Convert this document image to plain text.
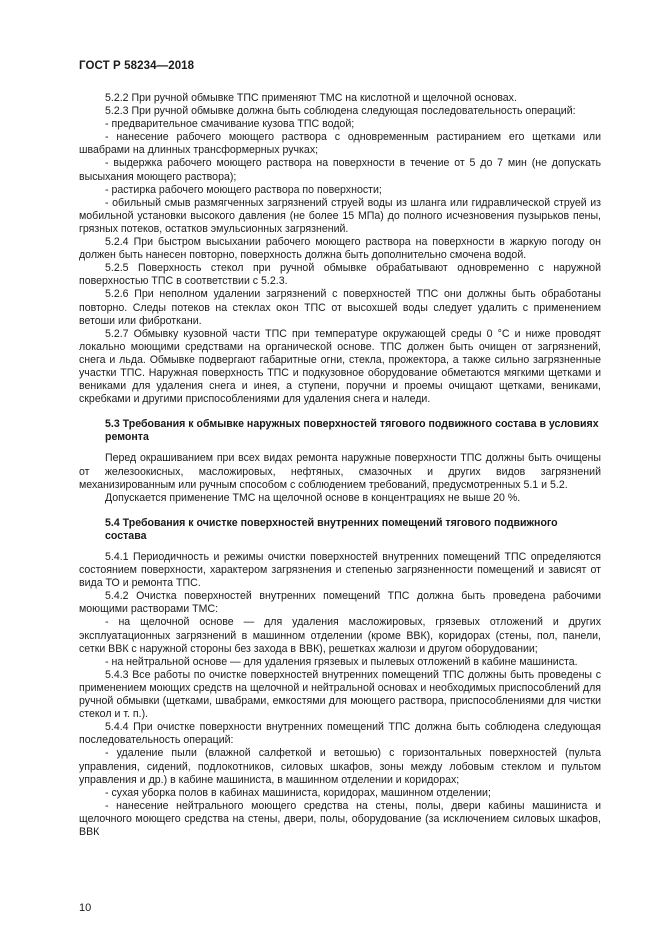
ГОСТ Р 58234—2018

5.2.2 При ручной обмывке ТПС применяют ТМС на кислотной и щелочной основах.

5.2.3 При ручной обмывке должна быть соблюдена следующая последовательность операций:

- предварительное смачивание кузова ТПС водой;

- нанесение рабочего моющего раствора с одновременным растиранием его щетками или швабрами на длинных трансформерных ручках;

- выдержка рабочего моющего раствора на поверхности в течение от 5 до 7 мин (не допускать высыхания моющего раствора);

- растирка рабочего моющего раствора по поверхности;

- обильный смыв размягченных загрязнений струей воды из шланга или гидравлической струей из мобильной установки высокого давления (не более 15 МПа) до полного исчезновения пузырьков пены, грязных потеков, остатков эмульсионных загрязнений.

5.2.4 При быстром высыхании рабочего моющего раствора на поверхности в жаркую погоду он должен быть нанесен повторно, поверхность должна быть дополнительно смочена водой.

5.2.5 Поверхность стекол при ручной обмывке обрабатывают одновременно с наружной поверхностью ТПС в соответствии с 5.2.3.

5.2.6 При неполном удалении загрязнений с поверхностей ТПС они должны быть обработаны повторно. Следы потеков на стеклах окон ТПС от высохшей воды следует удалить с применением ветоши или фиброткани.

5.2.7 Обмывку кузовной части ТПС при температуре окружающей среды 0 °С и ниже проводят локально моющими средствами на органической основе. ТПС должен быть очищен от загрязнений, снега и льда. Обмывке подвергают габаритные огни, стекла, прожектора, а также сильно загрязненные участки ТПС. Наружная поверхность ТПС и подкузовное оборудование обметаются мягкими щетками и вениками для удаления снега и инея, а ступени, поручни и проемы очищают щетками, вениками, скребками и другими приспособлениями для удаления снега и наледи.

5.3 Требования к обмывке наружных поверхностей тягового подвижного состава в условиях ремонта

Перед окрашиванием при всех видах ремонта наружные поверхности ТПС должны быть очищены от железоокисных, масложировых, нефтяных, смазочных и других видов загрязнений механизированным или ручным способом с соблюдением требований, предусмотренных 5.1 и 5.2.

Допускается применение ТМС на щелочной основе в концентрациях не выше 20 %.

5.4 Требования к очистке поверхностей внутренних помещений тягового подвижного состава

5.4.1 Периодичность и режимы очистки поверхностей внутренних помещений ТПС определяются состоянием поверхности, характером загрязнения и степенью загрязненности помещений и зависят от вида ТО и ремонта ТПС.

5.4.2 Очистка поверхностей внутренних помещений ТПС должна быть проведена рабочими моющими растворами ТМС:

- на щелочной основе — для удаления масложировых, грязевых отложений и других эксплуатационных загрязнений в машинном отделении (кроме ВВК), коридорах (стены, пол, панели, сетки ВВК с наружной стороны без захода в ВВК), решетках жалюзи и другом оборудовании;

- на нейтральной основе — для удаления грязевых и пылевых отложений в кабине машиниста.

5.4.3 Все работы по очистке поверхностей внутренних помещений ТПС должны быть проведены с применением моющих средств на щелочной и нейтральной основах и необходимых приспособлений для ручной обмывки (щетками, швабрами, емкостями для моющего раствора, приспособлениями для чистки стекол и т. п.).

5.4.4 При очистке поверхности внутренних помещений ТПС должна быть соблюдена следующая последовательность операций:

- удаление пыли (влажной салфеткой и ветошью) с горизонтальных поверхностей (пульта управления, сидений, подлокотников, силовых шкафов, зоны между лобовым стеклом и пультом управления и др.) в кабине машиниста, в машинном отделении и коридорах;

- сухая уборка полов в кабинах машиниста, коридорах, машинном отделении;

- нанесение нейтрального моющего средства на стены, полы, двери кабины машиниста и щелочного моющего средства на стены, двери, полы, оборудование (за исключением силовых шкафов, ВВК

10
